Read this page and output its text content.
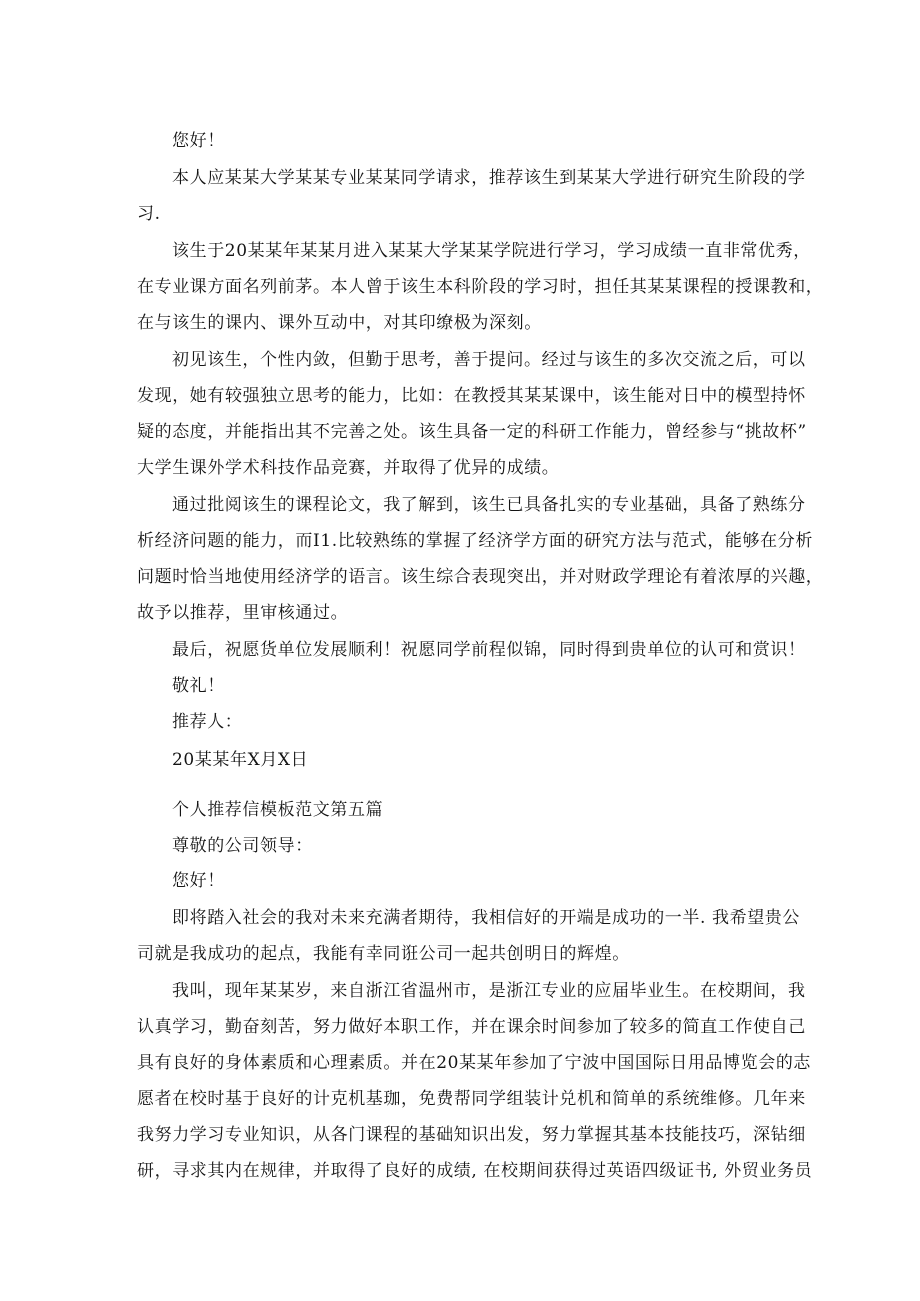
您好！
本人应某某大学某某专业某某同学请求，推荐该生到某某大学进行研究生阶段的学
习.
该生于20某某年某某月进入某某大学某某学院进行学习，学习成绩一直非常优秀，
在专业课方面名列前茅。本人曾于该生本科阶段的学习时，担任其某某课程的授课教和，
在与该生的课内、课外互动中，对其印缭极为深刻。
初见该生，个性内敛，但勤于思考，善于提问。经过与该生的多次交流之后，可以
发现，她有较强独立思考的能力，比如：在教授其某某课中，该生能对日中的模型持怀
疑的态度，并能指出其不完善之处。该生具备一定的科研工作能力，曾经参与“挑故杯”
大学生课外学术科技作品竞赛，并取得了优异的成绩。
通过批阅该生的课程论文，我了解到，该生已具备扎实的专业基础，具备了熟练分
析经济问题的能力，而I1.比较熟练的掌握了经济学方面的研究方法与范式，能够在分析
问题时恰当地使用经济学的语言。该生综合表现突出，并对财政学理论有着浓厚的兴趣，
故予以推荐，里审核通过。
最后，祝愿货单位发展顺利！祝愿同学前程似锦，同时得到贵单位的认可和赏识！
敬礼！
推荐人：
20某某年X月X日
个人推荐信模板范文第五篇
尊敬的公司领导：
您好！
即将踏入社会的我对未来充满者期待，我相信好的开端是成功的一半. 我希望贵公
司就是我成功的起点，我能有幸同诳公司一起共创明日的辉煌。
我叫，现年某某岁，来自浙江省温州市，是浙江专业的应届毕业生。在校期间，我
认真学习，勤奋刻苦，努力做好本职工作，并在课余时间参加了较多的简直工作使自己
具有良好的身体素质和心理素质。并在20某某年参加了宁波中国国际日用品博览会的志
愿者在校时基于良好的计克机基珈，免费帮同学组装计兑机和简单的系统维修。几年来
我努力学习专业知识，从各门课程的基础知识出发，努力掌握其基本技能技巧，深钻细
研，寻求其内在规律，并取得了良好的成绩, 在校期间获得过英语四级证书, 外贸业务员
